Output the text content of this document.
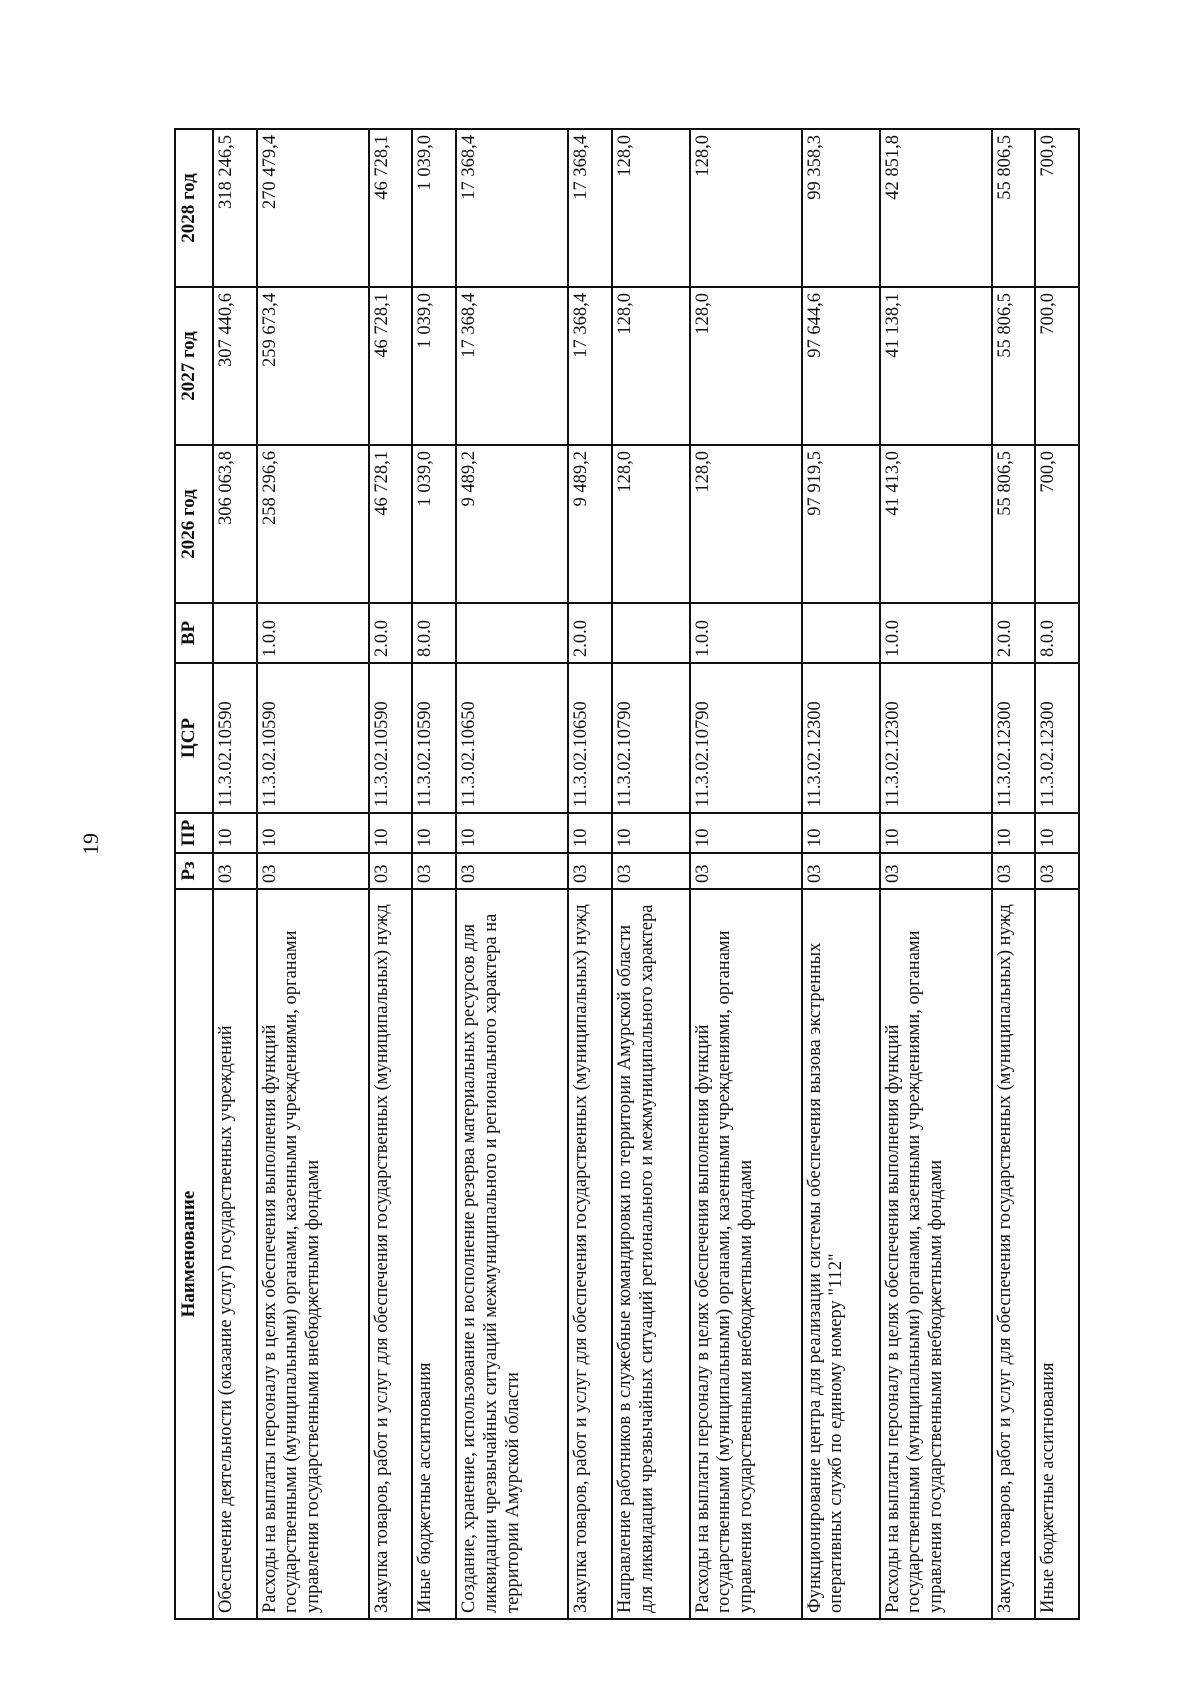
19
Наименование	Рз	ПР	ЦСР	ВР	2026 год	2027 год	2028 год
Обеспечение деятельности (оказание услуг) государственных учреждений	03	10	11.3.02.10590		306 063,8	307 440,6	318 246,5
Расходы на выплаты персоналу в целях обеспечения выполнения функций государственными (муниципальными) органами, казенными учреждениями, органами управления государственными внебюджетными фондами	03	10	11.3.02.10590	1.0.0	258 296,6	259 673,4	270 479,4
Закупка товаров, работ и услуг для обеспечения государственных (муниципальных) нужд	03	10	11.3.02.10590	2.0.0	46 728,1	46 728,1	46 728,1
Иные бюджетные ассигнования	03	10	11.3.02.10590	8.0.0	1 039,0	1 039,0	1 039,0
Создание, хранение, использование и восполнение резерва материальных ресурсов для ликвидации чрезвычайных ситуаций межмуниципального и регионального характера на территории Амурской области	03	10	11.3.02.10650		9 489,2	17 368,4	17 368,4
Закупка товаров, работ и услуг для обеспечения государственных (муниципальных) нужд	03	10	11.3.02.10650	2.0.0	9 489,2	17 368,4	17 368,4
Направление работников в служебные командировки по территории Амурской области для ликвидации чрезвычайных ситуаций регионального и межмуниципального характера	03	10	11.3.02.10790		128,0	128,0	128,0
Расходы на выплаты персоналу в целях обеспечения выполнения функций государственными (муниципальными) органами, казенными учреждениями, органами управления государственными внебюджетными фондами	03	10	11.3.02.10790	1.0.0	128,0	128,0	128,0
Функционирование центра для реализации системы обеспечения вызова экстренных оперативных служб по единому номеру "112"	03	10	11.3.02.12300		97 919,5	97 644,6	99 358,3
Расходы на выплаты персоналу в целях обеспечения выполнения функций государственными (муниципальными) органами, казенными учреждениями, органами управления государственными внебюджетными фондами	03	10	11.3.02.12300	1.0.0	41 413,0	41 138,1	42 851,8
Закупка товаров, работ и услуг для обеспечения государственных (муниципальных) нужд	03	10	11.3.02.12300	2.0.0	55 806,5	55 806,5	55 806,5
Иные бюджетные ассигнования	03	10	11.3.02.12300	8.0.0	700,0	700,0	700,0
